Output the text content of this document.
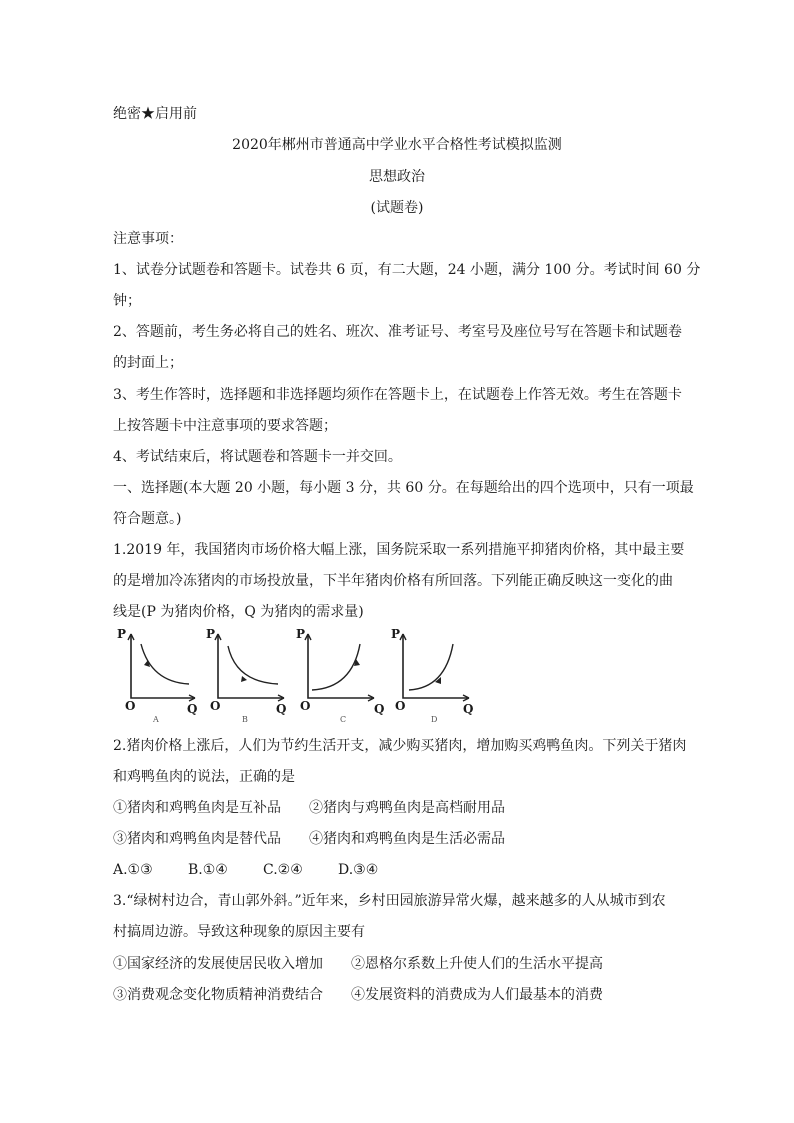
绝密★启用前
2020年郴州市普通高中学业水平合格性考试模拟监测
思想政治
(试题卷)
注意事项：
1、试卷分试题卷和答题卡。试卷共 6 页，有二大题，24 小题，满分 100 分。考试时间 60 分
钟；
2、答题前，考生务必将自己的姓名、班次、准考证号、考室号及座位号写在答题卡和试题卷
的封面上；
3、考生作答时，选择题和非选择题均须作在答题卡上，在试题卷上作答无效。考生在答题卡
上按答题卡中注意事项的要求答题；
4、考试结束后，将试题卷和答题卡一并交回。
一、选择题(本大题 20 小题，每小题 3 分，共 60 分。在每题给出的四个选项中，只有一项最
符合题意。)
1.2019 年，我国猪肉市场价格大幅上涨，国务院采取一系列措施平抑猪肉价格，其中最主要
的是增加冷冻猪肉的市场投放量，下半年猪肉价格有所回落。下列能正确反映这一变化的曲
线是(P 为猪肉价格，Q 为猪肉的需求量)
P
O	Q
A
P
O	Q
B
P
O	Q
C
P
O	Q
D
2.猪肉价格上涨后，人们为节约生活开支，减少购买猪肉，增加购买鸡鸭鱼肉。下列关于猪肉
和鸡鸭鱼肉的说法，正确的是
①猪肉和鸡鸭鱼肉是互补品 ②猪肉与鸡鸭鱼肉是高档耐用品
③猪肉和鸡鸭鱼肉是替代品 ④猪肉和鸡鸭鱼肉是生活必需品
A.①③	B.①④	C.②④	D.③④
3.“绿树村边合，青山郭外斜。”近年来，乡村田园旅游异常火爆，越来越多的人从城市到农
村搞周边游。导致这种现象的原因主要有
①国家经济的发展使居民收入增加 ②恩格尔系数上升使人们的生活水平提高
③消费观念变化物质精神消费结合 ④发展资料的消费成为人们最基本的消费
